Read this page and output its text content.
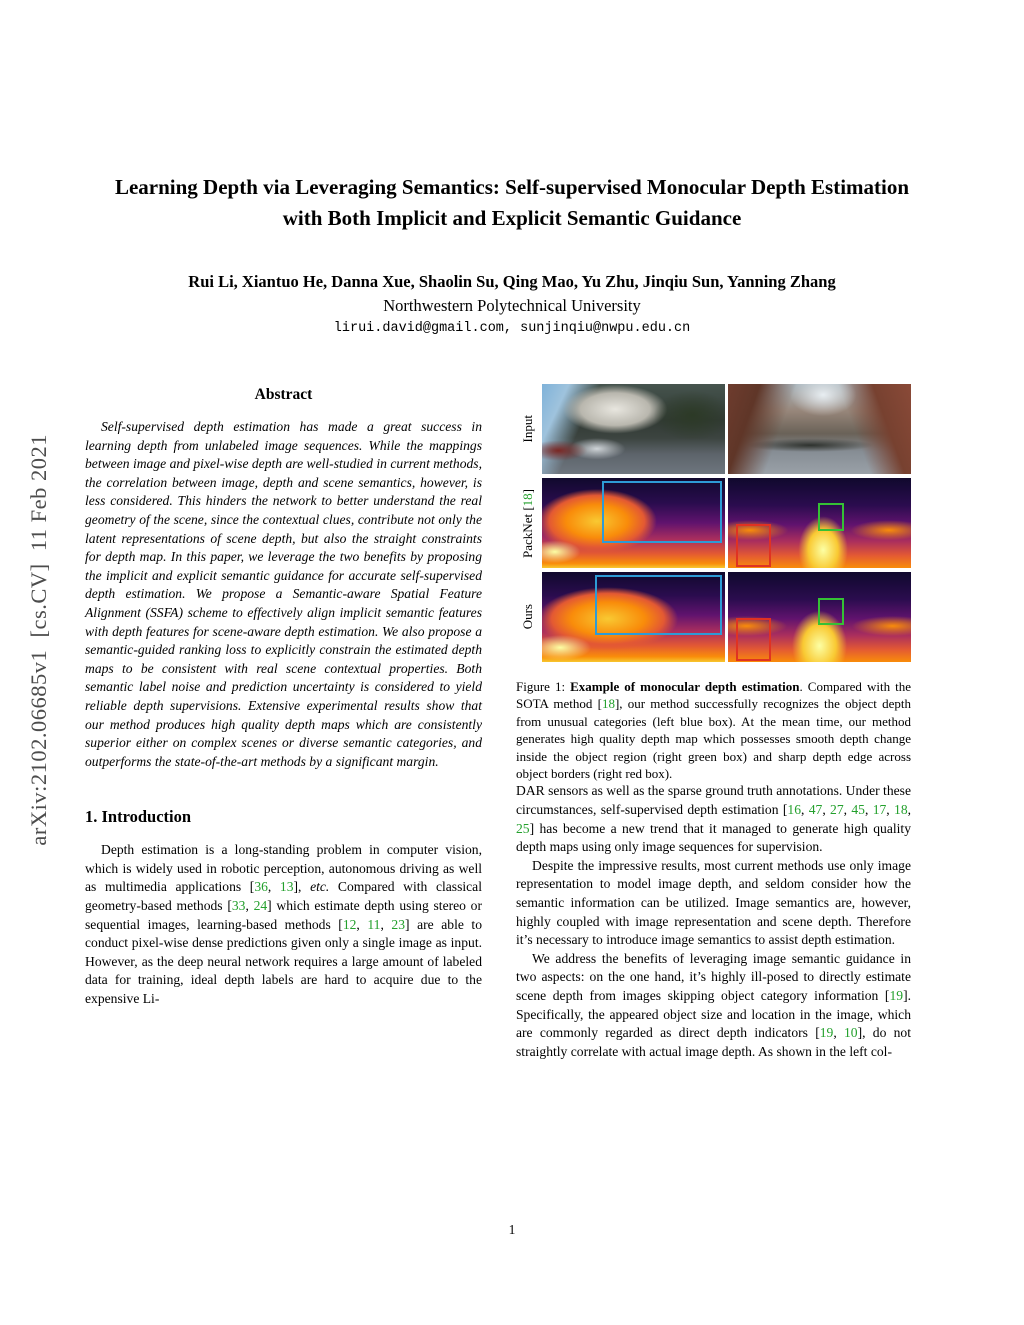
arXiv:2102.06685v1  [cs.CV]  11 Feb 2021
Learning Depth via Leveraging Semantics: Self-supervised Monocular Depth Estimation with Both Implicit and Explicit Semantic Guidance
Rui Li, Xiantuo He, Danna Xue, Shaolin Su, Qing Mao, Yu Zhu, Jinqiu Sun, Yanning Zhang
Northwestern Polytechnical University
lirui.david@gmail.com, sunjinqiu@nwpu.edu.cn
Abstract

Self-supervised depth estimation has made a great success in learning depth from unlabeled image sequences. While the mappings between image and pixel-wise depth are well-studied in current methods, the correlation between image, depth and scene semantics, however, is less considered. This hinders the network to better understand the real geometry of the scene, since the contextual clues, contribute not only the latent representations of scene depth, but also the straight constraints for depth map. In this paper, we leverage the two benefits by proposing the implicit and explicit semantic guidance for accurate self-supervised depth estimation. We propose a Semantic-aware Spatial Feature Alignment (SSFA) scheme to effectively align implicit semantic features with depth features for scene-aware depth estimation. We also propose a semantic-guided ranking loss to explicitly constrain the estimated depth maps to be consistent with real scene contextual properties. Both semantic label noise and prediction uncertainty is considered to yield reliable depth supervisions. Extensive experimental results show that our method produces high quality depth maps which are consistently superior either on complex scenes or diverse semantic categories, and outperforms the state-of-the-art methods by a significant margin.

1. Introduction

Depth estimation is a long-standing problem in computer vision, which is widely used in robotic perception, autonomous driving as well as multimedia applications [36, 13], etc. Compared with classical geometry-based methods [33, 24] which estimate depth using stereo or sequential images, learning-based methods [12, 11, 23] are able to conduct pixel-wise dense predictions given only a single image as input. However, as the deep neural network requires a large amount of labeled data for training, ideal depth labels are hard to acquire due to the expensive Li-

Input
PackNet [18]
Ours

Figure 1: Example of monocular depth estimation. Compared with the SOTA method [18], our method successfully recognizes the object depth from unusual categories (left blue box). At the mean time, our method generates high quality depth map which possesses smooth depth change inside the object region (right green box) and sharp depth edge across object borders (right red box).

DAR sensors as well as the sparse ground truth annotations. Under these circumstances, self-supervised depth estimation [16, 47, 27, 45, 17, 18, 25] has become a new trend that it managed to generate high quality depth maps using only image sequences for supervision.

Despite the impressive results, most current methods use only image representation to model image depth, and seldom consider how the semantic information can be utilized. Image semantics are, however, highly coupled with image representation and scene depth. Therefore it’s necessary to introduce image semantics to assist depth estimation.

We address the benefits of leveraging image semantic guidance in two aspects: on the one hand, it’s highly ill-posed to directly estimate scene depth from images skipping object category information [19]. Specifically, the appeared object size and location in the image, which are commonly regarded as direct depth indicators [19, 10], do not straightly correlate with actual image depth. As shown in the left col-

1
